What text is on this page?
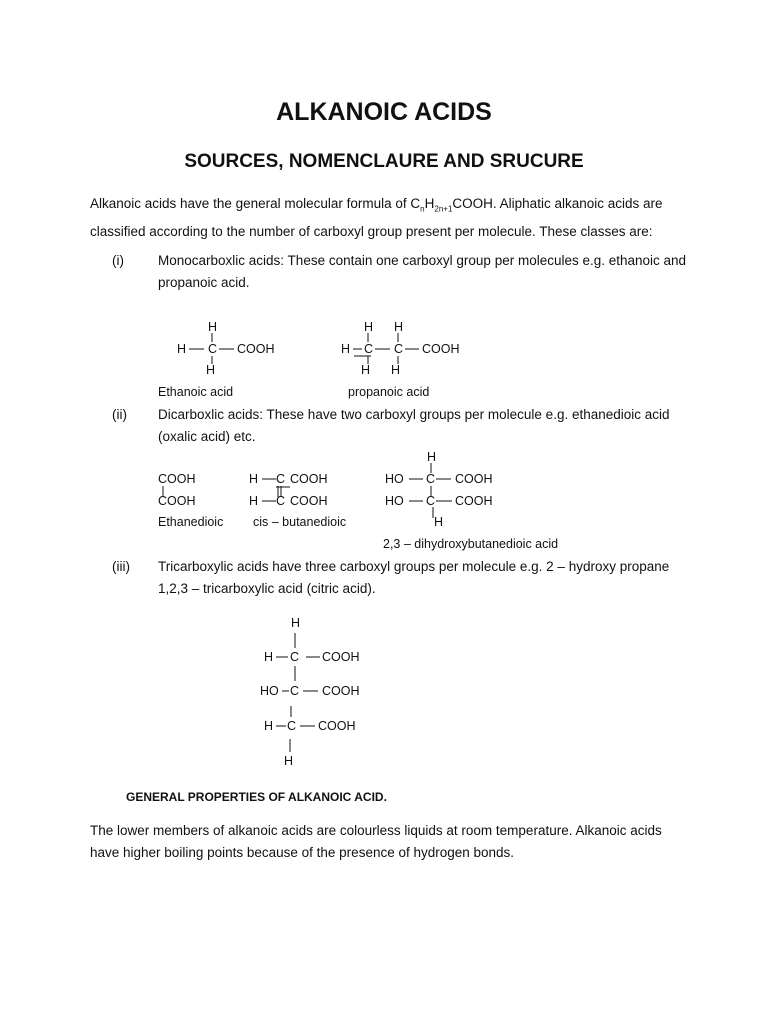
ALKANOIC ACIDS
SOURCES, NOMENCLAURE AND SRUCURE
Alkanoic acids have the general molecular formula of $C_nH_{2n+1}COOH$. Aliphatic alkanoic acids are classified according to the number of carboxyl group present per molecule. These classes are:
(i)	Monocarboxlic acids: These contain one carboxyl group per molecules e.g. ethanoic and propanoic acid.
H
H C COOH
H
H H
H C C COOH
H H
Ethanoic acid	propanoic acid
(ii) Dicarboxlic acids: These have two carboxyl groups per molecule e.g. ethanedioic acid (oxalic acid) etc.
COOH
COOH
Ethanedioic
H C COOH
H C COOH
cis – butanedioic
H
HO C COOH
HO C COOH
H
2,3 – dihydroxybutanedioic acid
(iii) Tricarboxylic acids have three carboxyl groups per molecule e.g. 2 – hydroxy propane 1,2,3 – tricarboxylic acid (citric acid).
H
H C COOH
HO C COOH
H C COOH
H
GENERAL PROPERTIES OF ALKANOIC ACID.
The lower members of alkanoic acids are colourless liquids at room temperature. Alkanoic acids have higher boiling points because of the presence of hydrogen bonds.
